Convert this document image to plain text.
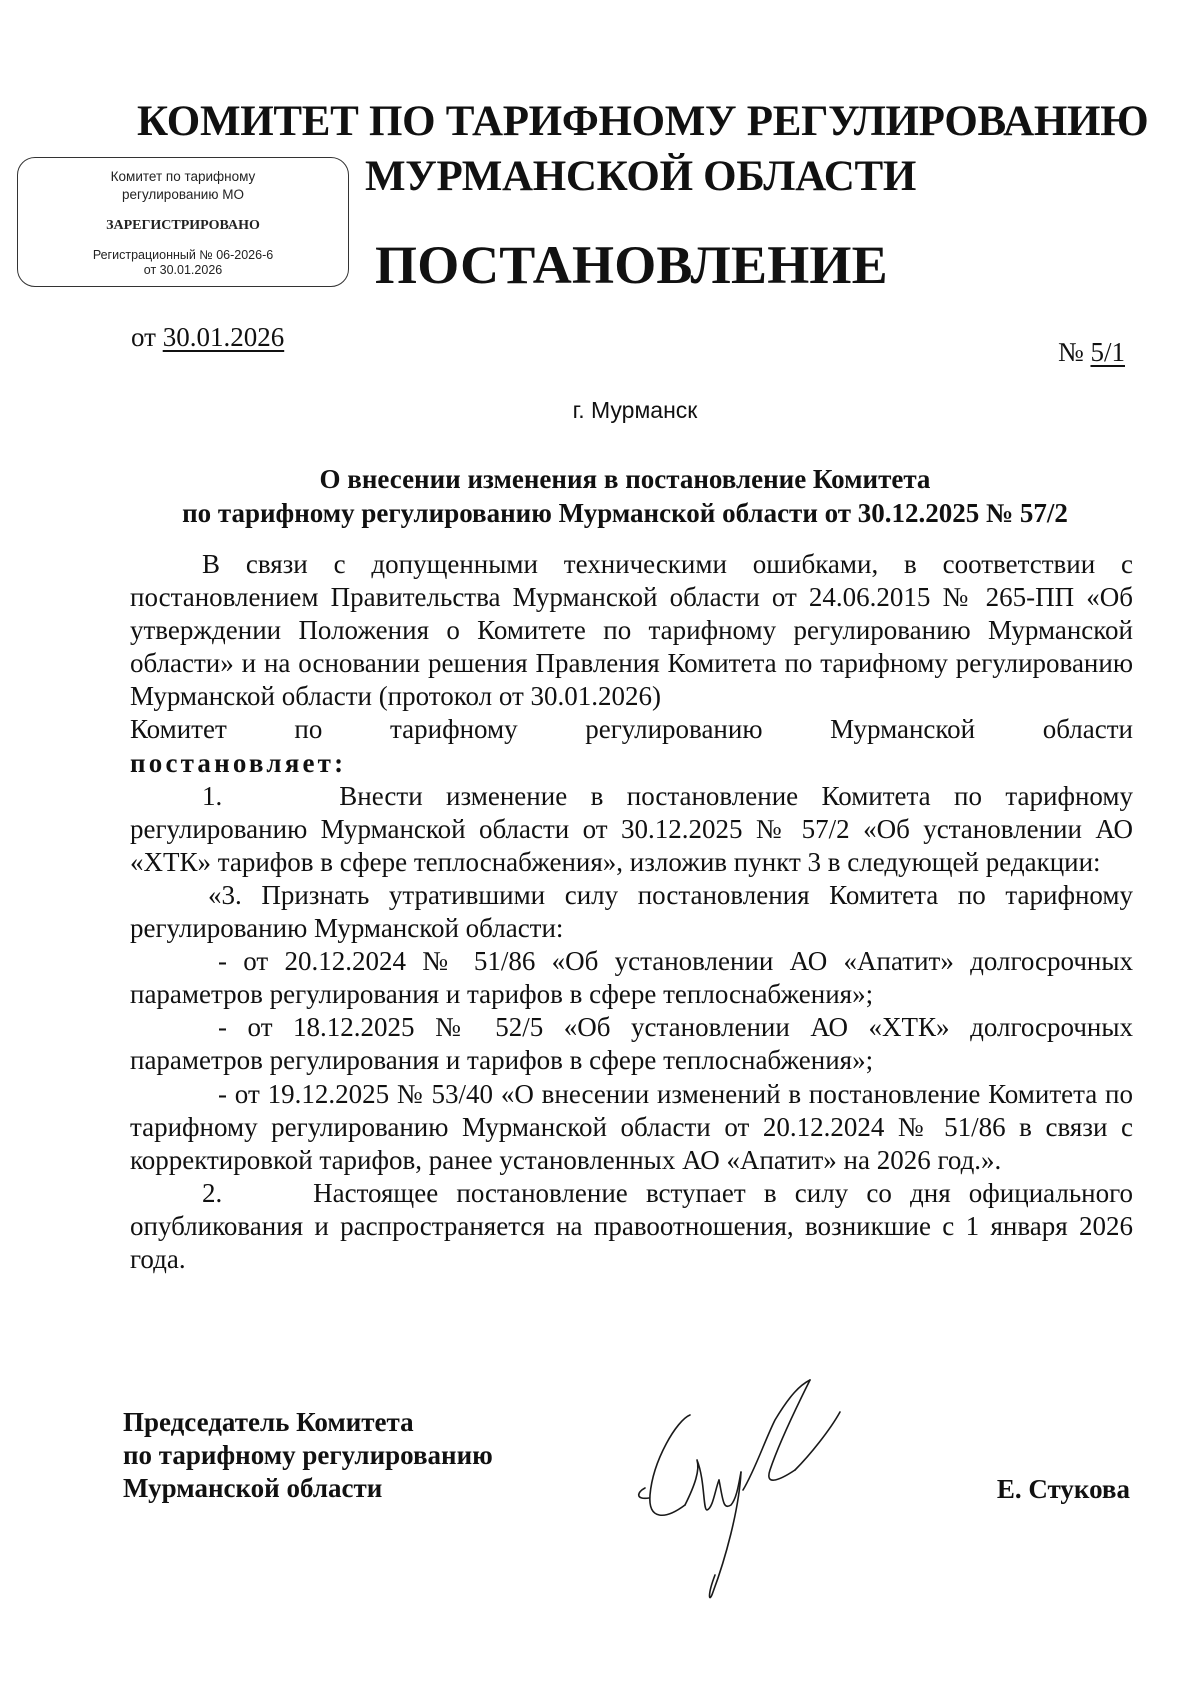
КОМИТЕТ ПО ТАРИФНОМУ РЕГУЛИРОВАНИЮ
МУРМАНСКОЙ ОБЛАСТИ
Комитет по тарифному
регулированию МО
ЗАРЕГИСТРИРОВАНО
Регистрационный № 06-2026-6
от 30.01.2026	ПОСТАНОВЛЕНИЕ
от 30.01.2026	№ 5/1
г. Мурманск
О внесении изменения в постановление Комитета
по тарифному регулированию Мурманской области от 30.12.2025 № 57/2

В связи с допущенными техническими ошибками, в соответствии с постановлением Правительства Мурманской области от 24.06.2015 № 265-ПП «Об утверждении Положения о Комитете по тарифному регулированию Мурманской области» и на основании решения Правления Комитета по тарифному регулированию Мурманской области (протокол от 30.01.2026)

Комитет по тарифному регулированию Мурманской области

постановляет:

1.     Внести изменение в постановление Комитета по тарифному регулированию Мурманской области от 30.12.2025 № 57/2 «Об установлении АО «ХТК» тарифов в сфере теплоснабжения», изложив пункт 3 в следующей редакции:

«3. Признать утратившими силу постановления Комитета по тарифному регулированию Мурманской области:

- от 20.12.2024 № 51/86 «Об установлении АО «Апатит» долгосрочных параметров регулирования и тарифов в сфере теплоснабжения»;

- от 18.12.2025 № 52/5 «Об установлении АО «ХТК» долгосрочных параметров регулирования и тарифов в сфере теплоснабжения»;

- от 19.12.2025 № 53/40 «О внесении изменений в постановление Комитета по тарифному регулированию Мурманской области от 20.12.2024 № 51/86 в связи с корректировкой тарифов, ранее установленных АО «Апатит» на 2026 год.».

2.     Настоящее постановление вступает в силу со дня официального опубликования и распространяется на правоотношения, возникшие с 1 января 2026 года.

Председатель Комитета
по тарифному регулированию
Мурманской области	Е. Стукова
